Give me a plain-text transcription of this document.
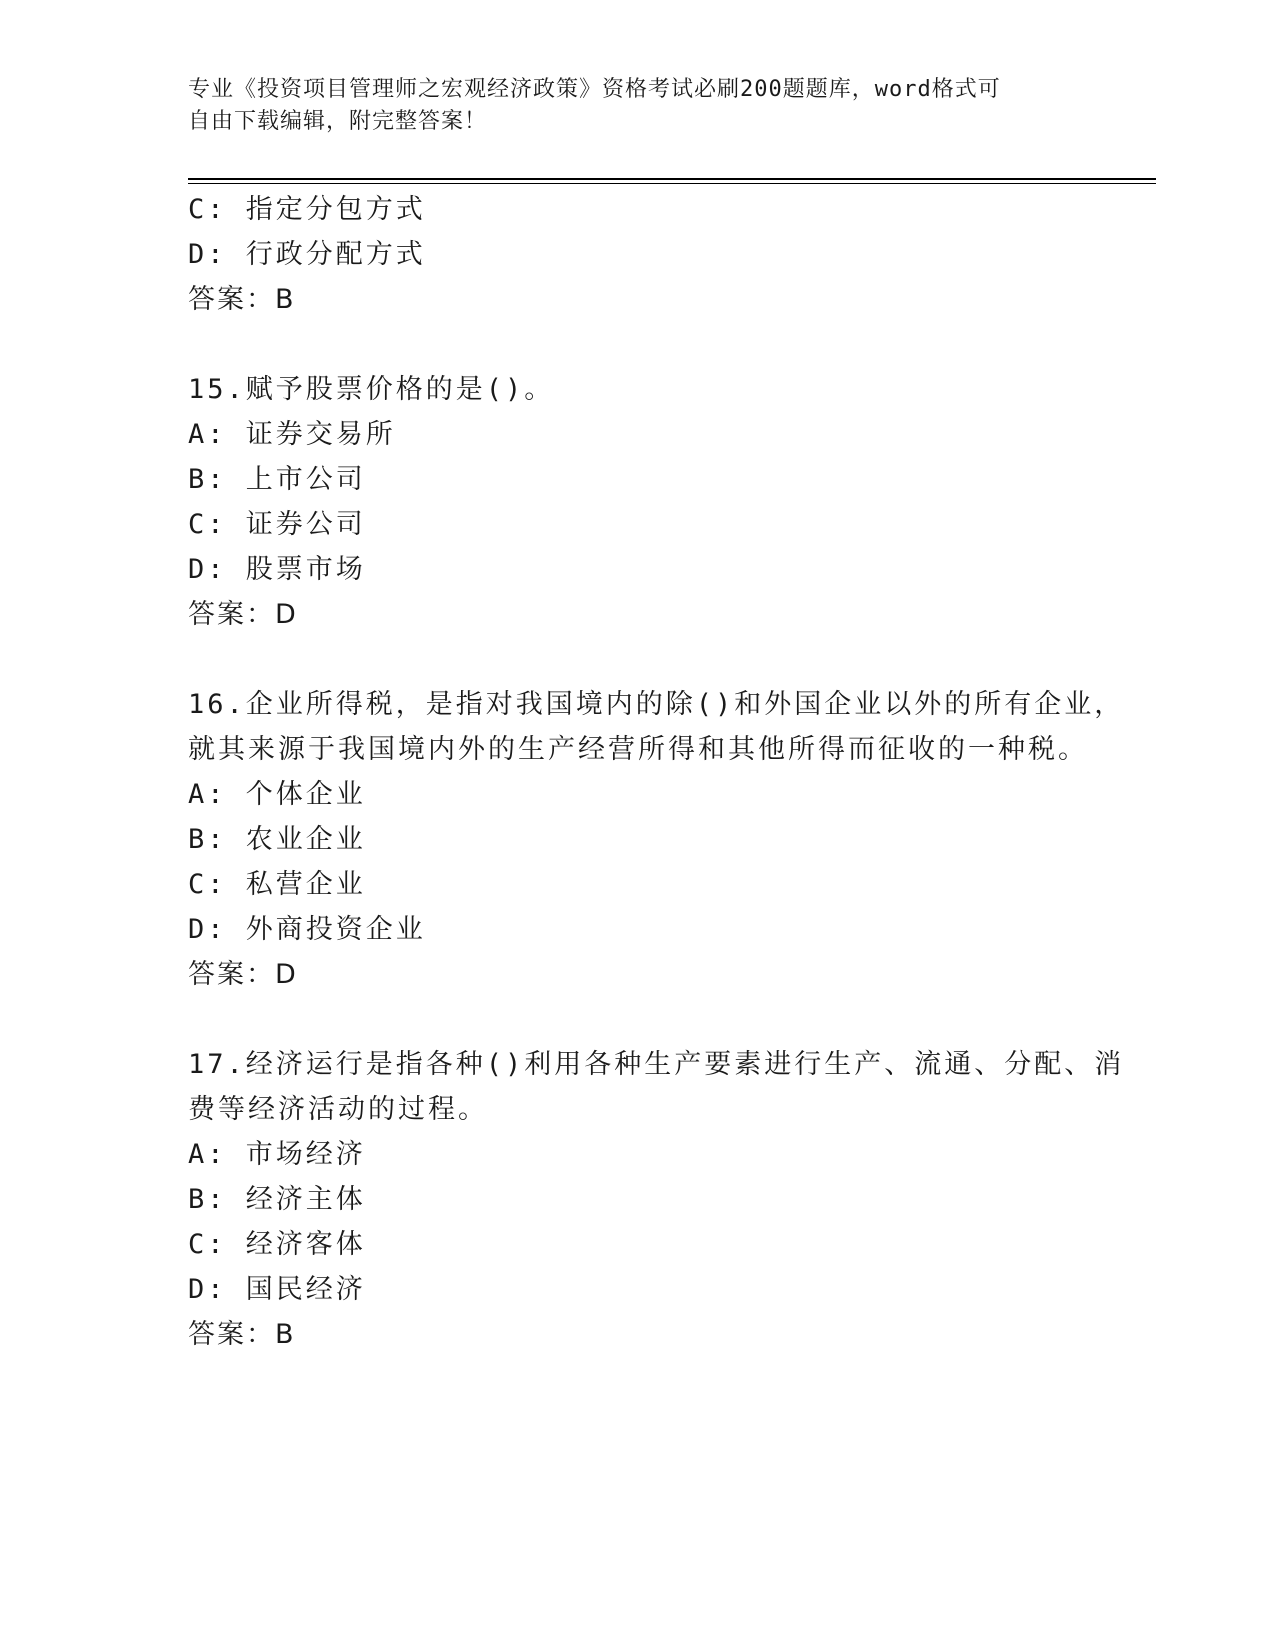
专业《投资项目管理师之宏观经济政策》资格考试必刷200题题库，word格式可
自由下载编辑，附完整答案！
C: 指定分包方式
D: 行政分配方式
答案：B
15.赋予股票价格的是()。
A: 证券交易所
B: 上市公司
C: 证券公司
D: 股票市场
答案：D
16.企业所得税，是指对我国境内的除()和外国企业以外的所有企业，
就其来源于我国境内外的生产经营所得和其他所得而征收的一种税。
A: 个体企业
B: 农业企业
C: 私营企业
D: 外商投资企业
答案：D
17.经济运行是指各种()利用各种生产要素进行生产、流通、分配、消
费等经济活动的过程。
A: 市场经济
B: 经济主体
C: 经济客体
D: 国民经济
答案：B
